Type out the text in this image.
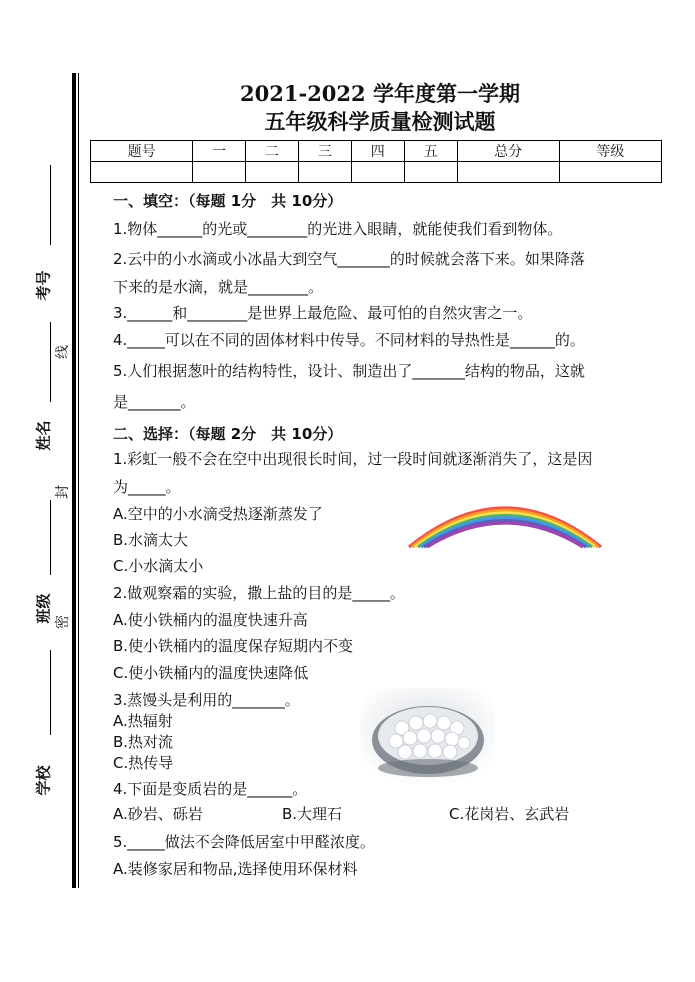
考号
姓名
班级
学校
线
封
密
2021-2022 学年度第一学期
五年级科学质量检测试题
题号	一	二	三	四	五	总分	等级

一、填空：（每题 1分　共 10分）
1.物体______的光或________的光进入眼睛，就能使我们看到物体。
2.云中的小水滴或小冰晶大到空气_______的时候就会落下来。如果降落
下来的是水滴，就是________。
3.______和________是世界上最危险、最可怕的自然灾害之一。
4._____可以在不同的固体材料中传导。不同材料的导热性是______的。
5.人们根据葱叶的结构特性，设计、制造出了_______结构的物品，这就
是_______。
二、选择：（每题 2分　共 10分）
1.彩虹一般不会在空中出现很长时间，过一段时间就逐渐消失了，这是因
为_____。
A.空中的小水滴受热逐渐蒸发了
B.水滴太大
C.小水滴太小
2.做观察霜的实验，撒上盐的目的是_____。
A.使小铁桶内的温度快速升高
B.使小铁桶内的温度保存短期内不变
C.使小铁桶内的温度快速降低
3.蒸馒头是利用的_______。
A.热辐射
B.热对流
C.热传导
4.下面是变质岩的是______。
A.砂岩、砾岩	B.大理石	C.花岗岩、玄武岩
5._____做法不会降低居室中甲醛浓度。
A.装修家居和物品,选择使用环保材料
